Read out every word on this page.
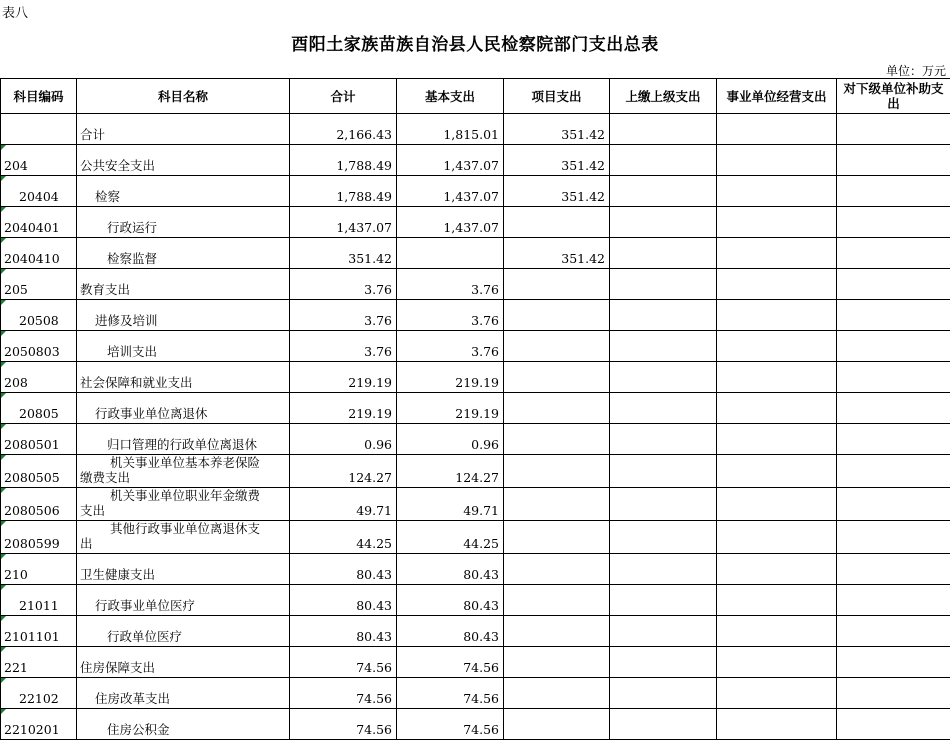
表八
酉阳土家族苗族自治县人民检察院部门支出总表
单位：万元
科目编码	科目名称	合计	基本支出	项目支出	上缴上级支出	事业单位经营支出	对下级单位补助支出
	合计	2,166.43	1,815.01	351.42			
204	公共安全支出	1,788.49	1,437.07	351.42			
20404	检察	1,788.49	1,437.07	351.42			
2040401	行政运行	1,437.07	1,437.07				
2040410	检察监督	351.42		351.42			
205	教育支出	3.76	3.76				
20508	进修及培训	3.76	3.76				
2050803	培训支出	3.76	3.76				
208	社会保障和就业支出	219.19	219.19				
20805	行政事业单位离退休	219.19	219.19				
2080501	归口管理的行政单位离退休	0.96	0.96				
2080505	机关事业单位基本养老保险
缴费支出	124.27	124.27				
2080506	机关事业单位职业年金缴费
支出	49.71	49.71				
2080599	其他行政事业单位离退休支
出	44.25	44.25				
210	卫生健康支出	80.43	80.43				
21011	行政事业单位医疗	80.43	80.43				
2101101	行政单位医疗	80.43	80.43				
221	住房保障支出	74.56	74.56				
22102	住房改革支出	74.56	74.56				
2210201	住房公积金	74.56	74.56				
